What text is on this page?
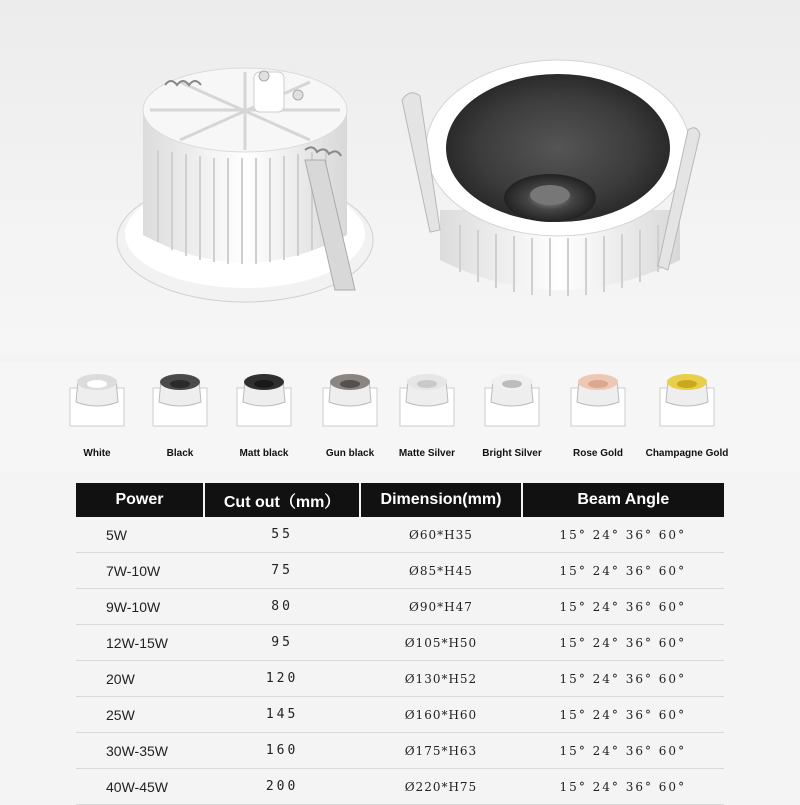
White	Black	Matt black	Gun black	Matte Silver	Bright Silver	Rose Gold	Champagne Gold
Power	Cut out（mm）	Dimension(mm)	Beam Angle
5W	55	Ø60*H35	15° 24° 36° 60°
7W-10W	75	Ø85*H45	15° 24° 36° 60°
9W-10W	80	Ø90*H47	15° 24° 36° 60°
12W-15W	95	Ø105*H50	15° 24° 36° 60°
20W	120	Ø130*H52	15° 24° 36° 60°
25W	145	Ø160*H60	15° 24° 36° 60°
30W-35W	160	Ø175*H63	15° 24° 36° 60°
40W-45W	200	Ø220*H75	15° 24° 36° 60°
